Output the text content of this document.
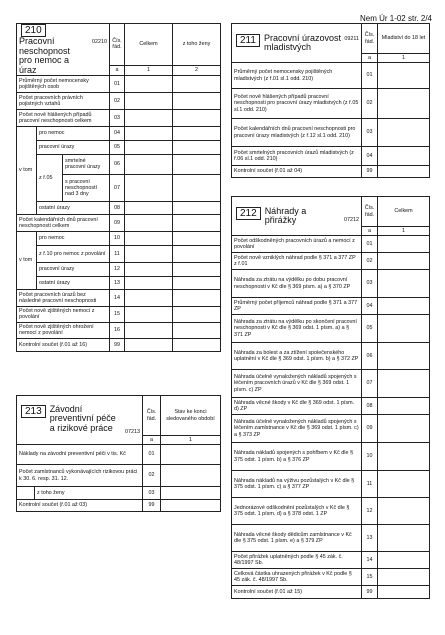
Nem Úr 1-02 str. 2/4
210Pracovní neschopnost pro nemoc a úraz
02210			Čís. řád.	Celkem	z toho ženy
			a	1	2
Průměrný počet nemocensky pojištěných osob			01		
Počet pracovních právních pojistných vztahů			02		
Počet nově hlášených případů pracovní neschopnosti celkem			03		
v tom	pro nemoc		04		
	pracovní úrazy		05		
	z ř.05	smrtelné pracovní úrazy	06		
		s pracovní neschopností nad 3 dny	07		
	ostatní úrazy		08		
Počet kalendářních dnů pracovní neschopnosti celkem			09		
v tom	pro nemoc		10		
	z ř.10 pro nemoc z povolání		11		
	pracovní úrazy		12		
	ostatní úrazy		13		
Počet pracovních úrazů bez následné pracovní neschopnosti			14		
Počet nově zjištěných nemocí z povolání			15		
Počet nově zjištěných ohrožení nemocí z povolání			16		
Kontrolní součet (ř.01 až 16)			99		
211 Pracovní úrazovost mladistvých
09211	Čís. řád.	Mladiství do 18 let
	a	1
Průměrný počet nemocensky pojištěných mladistvých (z ř.01 sl.1 odd. 210)	01	
Počet nově hlášených případů pracovní neschopnosti pro pracovní úrazy mladistvých (z ř.05 sl.1 odd. 210)	02	
Počet kalendářních dnů pracovní neschopnosti pro pracovní úrazy mladistvých (z ř.12 sl.1 odd. 210)	03	
Počet smrtelných pracovních úrazů mladistvých (z ř.06 sl.1 odd. 210)	04	
Kontrolní součet (ř.01 až 04)	99	
212 Náhrady a přirážky 07212	Čís. řád.	Celkem
	a	1
Počet odškodněných pracovních úrazů a nemocí z povolání	01	
Počet nově vzniklých náhrad podle § 371 a 377 ZP z ř.01	02	
Náhrada za ztrátu na výdělku po dobu pracovní neschopnosti v Kč dle § 369 písm. a) a § 370 ZP	03	
Průměrný počet příjemců náhrad podle § 371 a 377 ZP	04	
Náhrada za ztrátu na výdělku po skončení pracovní neschopnosti v Kč dle § 369 odst. 1 písm. a) a § 371 ZP	05	
Náhrada za bolest a za ztížení společenského uplatnění v Kč dle § 369 odst. 1 písm. b) a § 372 ZP	06	
Náhrada účelně vynaložených nákladů spojených s léčením pracovních úrazů v Kč dle § 369 odst. 1 písm. c) ZP	07	
Náhrada věcné škody v Kč dle § 369 odst. 1 písm. d) ZP	08	
Náhrada účelně vynaložených nákladů spojených s léčením zamlstnance v Kč dle § 369 odst. 1 písm. c) a § 373 ZP	09	
Náhrada nákladů spojených s pohřbem v Kč dle § 375 odst. 1 písm. b) a § 376 ZP	10	
Náhrada nákladů na výživu pozůstalých v Kč dle § 375 odst. 1 písm. c) a § 377 ZP	11	
Jednorázové odškodnění pozůstalých v Kč dle § 375 odst. 1 písm. d) a § 378 odst. 1 ZP	12	
Náhrada věcné škody dědicům zamlstnance v Kč dle § 375 odst. 1 písm. e) a § 379 ZP	13	
Počet přirážek uplatněných podle § 45 zák. č. 48/1997 Sb.	14	
Celková částka uhrazených přirážek v Kč podle § 45 zák. č. 48/1997 Sb.	15	
Kontrolní součet (ř.01 až 15)	99	
213 Závodní preventivní péče a rizikové práce 07213		Čís. řád.	Stav ke konci sledovaného období
		a	1
Náklady na závodní preventivní péči v tis. Kč		01	
Počet zamlstnanců vykonávajících rizikovou práci k 30. 6. resp. 31. 12.		02	
	z toho ženy	03	
Kontrolní součet (ř.01 až 03)		99	
